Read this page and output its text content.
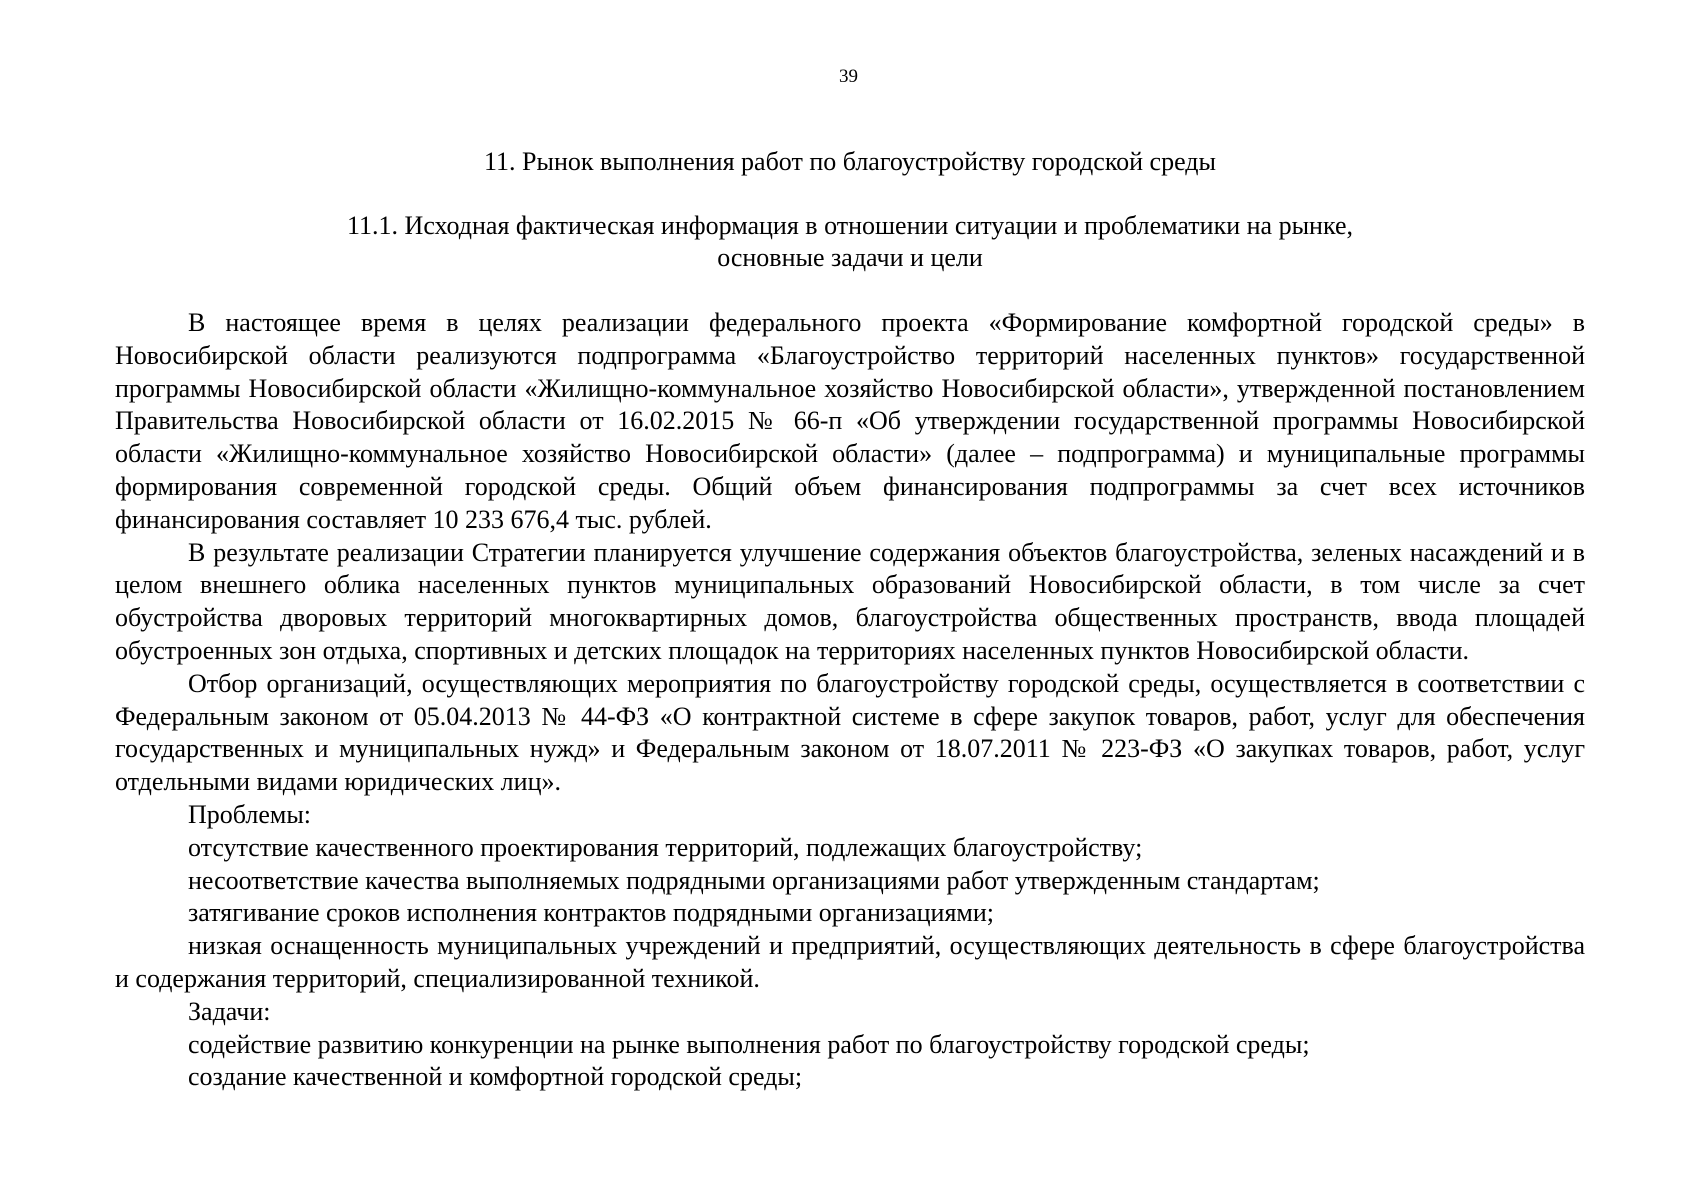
39
11. Рынок выполнения работ по благоустройству городской среды
11.1. Исходная фактическая информация в отношении ситуации и проблематики на рынке,
основные задачи и цели

В настоящее время в целях реализации федерального проекта «Формирование комфортной городской среды» в Новосибирской области реализуются подпрограмма «Благоустройство территорий населенных пунктов» государственной программы Новосибирской области «Жилищно-коммунальное хозяйство Новосибирской области», утвержденной постановлением Правительства Новосибирской области от 16.02.2015 № 66-п «Об утверждении государственной программы Новосибирской области «Жилищно-коммунальное хозяйство Новосибирской области» (далее – подпрограмма) и муниципальные программы формирования современной городской среды. Общий объем финансирования подпрограммы за счет всех источников финансирования составляет 10 233 676,4 тыс. рублей.

В результате реализации Стратегии планируется улучшение содержания объектов благоустройства, зеленых насаждений и в целом внешнего облика населенных пунктов муниципальных образований Новосибирской области, в том числе за счет обустройства дворовых территорий многоквартирных домов, благоустройства общественных пространств, ввода площадей обустроенных зон отдыха, спортивных и детских площадок на территориях населенных пунктов Новосибирской области.

Отбор организаций, осуществляющих мероприятия по благоустройству городской среды, осуществляется в соответствии с Федеральным законом от 05.04.2013 № 44-ФЗ «О контрактной системе в сфере закупок товаров, работ, услуг для обеспечения государственных и муниципальных нужд» и Федеральным законом от 18.07.2011 № 223-ФЗ «О закупках товаров, работ, услуг отдельными видами юридических лиц».

Проблемы:

отсутствие качественного проектирования территорий, подлежащих благоустройству;

несоответствие качества выполняемых подрядными организациями работ утвержденным стандартам;

затягивание сроков исполнения контрактов подрядными организациями;

низкая оснащенность муниципальных учреждений и предприятий, осуществляющих деятельность в сфере благоустройства и содержания территорий, специализированной техникой.

Задачи:

содействие развитию конкуренции на рынке выполнения работ по благоустройству городской среды;

создание качественной и комфортной городской среды;
